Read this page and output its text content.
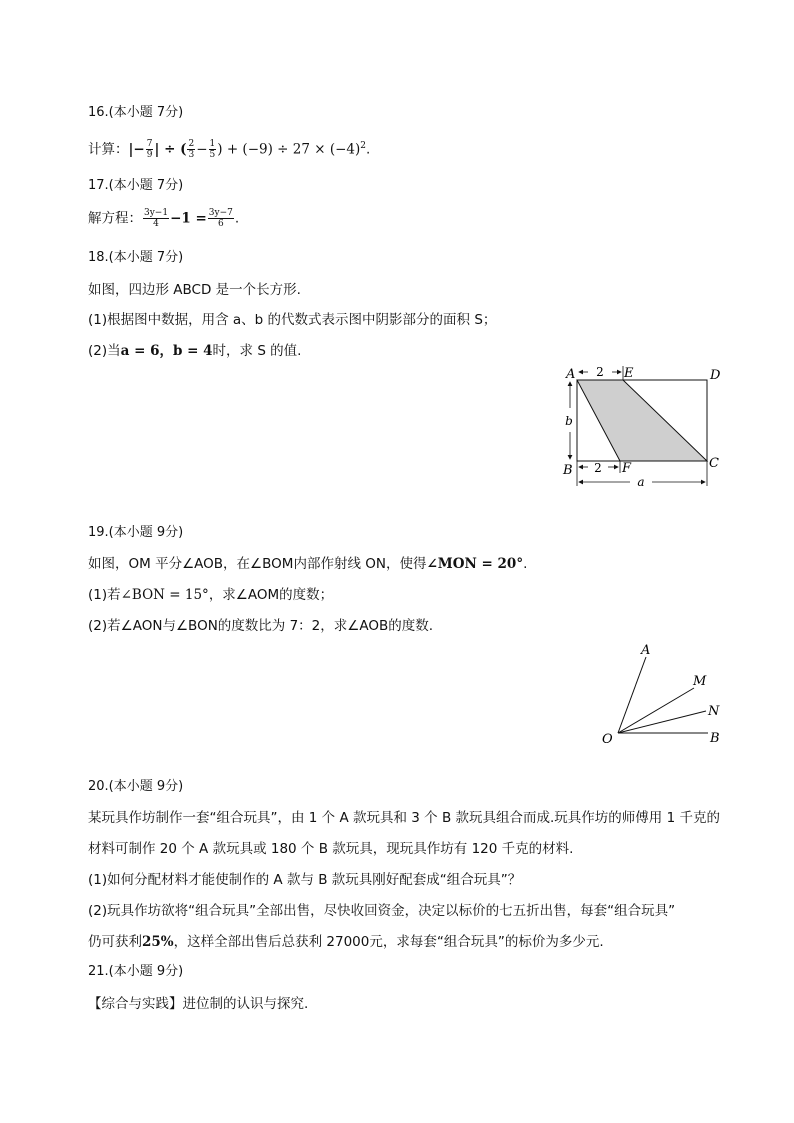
16.(本小题 7分)
计算：|− $\frac{7}{9}$ | ÷ ( $\frac{2}{3} - \frac{1}{5}$ ) + $(-9) \div 27 \times (-4)^2$.
17.(本小题 7分)
解方程： $\frac{3y-1}{4} -1 = \frac{3y-7}{6}$ .
18.(本小题 7分)
如图，四边形 ABCD 是一个长方形.
(1)根据图中数据，用含 a、b 的代数式表示图中阴影部分的面积 S；
(2)当a = 6，b = 4时，求 S 的值.
2
2
b
a
A	E	D
B	F	C
19.(本小题 9分)
如图，OM 平分∠AOB，在∠BOM内部作射线 ON，使得∠MON = 20°.
(1)若∠BON = 15°，求∠AOM的度数；
(2)若∠AON与∠BON的度数比为 7：2，求∠AOB的度数.
A
M
N
O	B
20.(本小题 9分)
某玩具作坊制作一套“组合玩具”，由 1 个 A 款玩具和 3 个 B 款玩具组合而成.玩具作坊的师傅用 1 千克的
材料可制作 20 个 A 款玩具或 180 个 B 款玩具，现玩具作坊有 120 千克的材料.
(1)如何分配材料才能使制作的 A 款与 B 款玩具刚好配套成“组合玩具”？
(2)玩具作坊欲将“组合玩具”全部出售，尽快收回资金，决定以标价的七五折出售，每套“组合玩具”
仍可获利25%，这样全部出售后总获利 27000元，求每套“组合玩具”的标价为多少元.
21.(本小题 9分)
【综合与实践】进位制的认识与探究.
